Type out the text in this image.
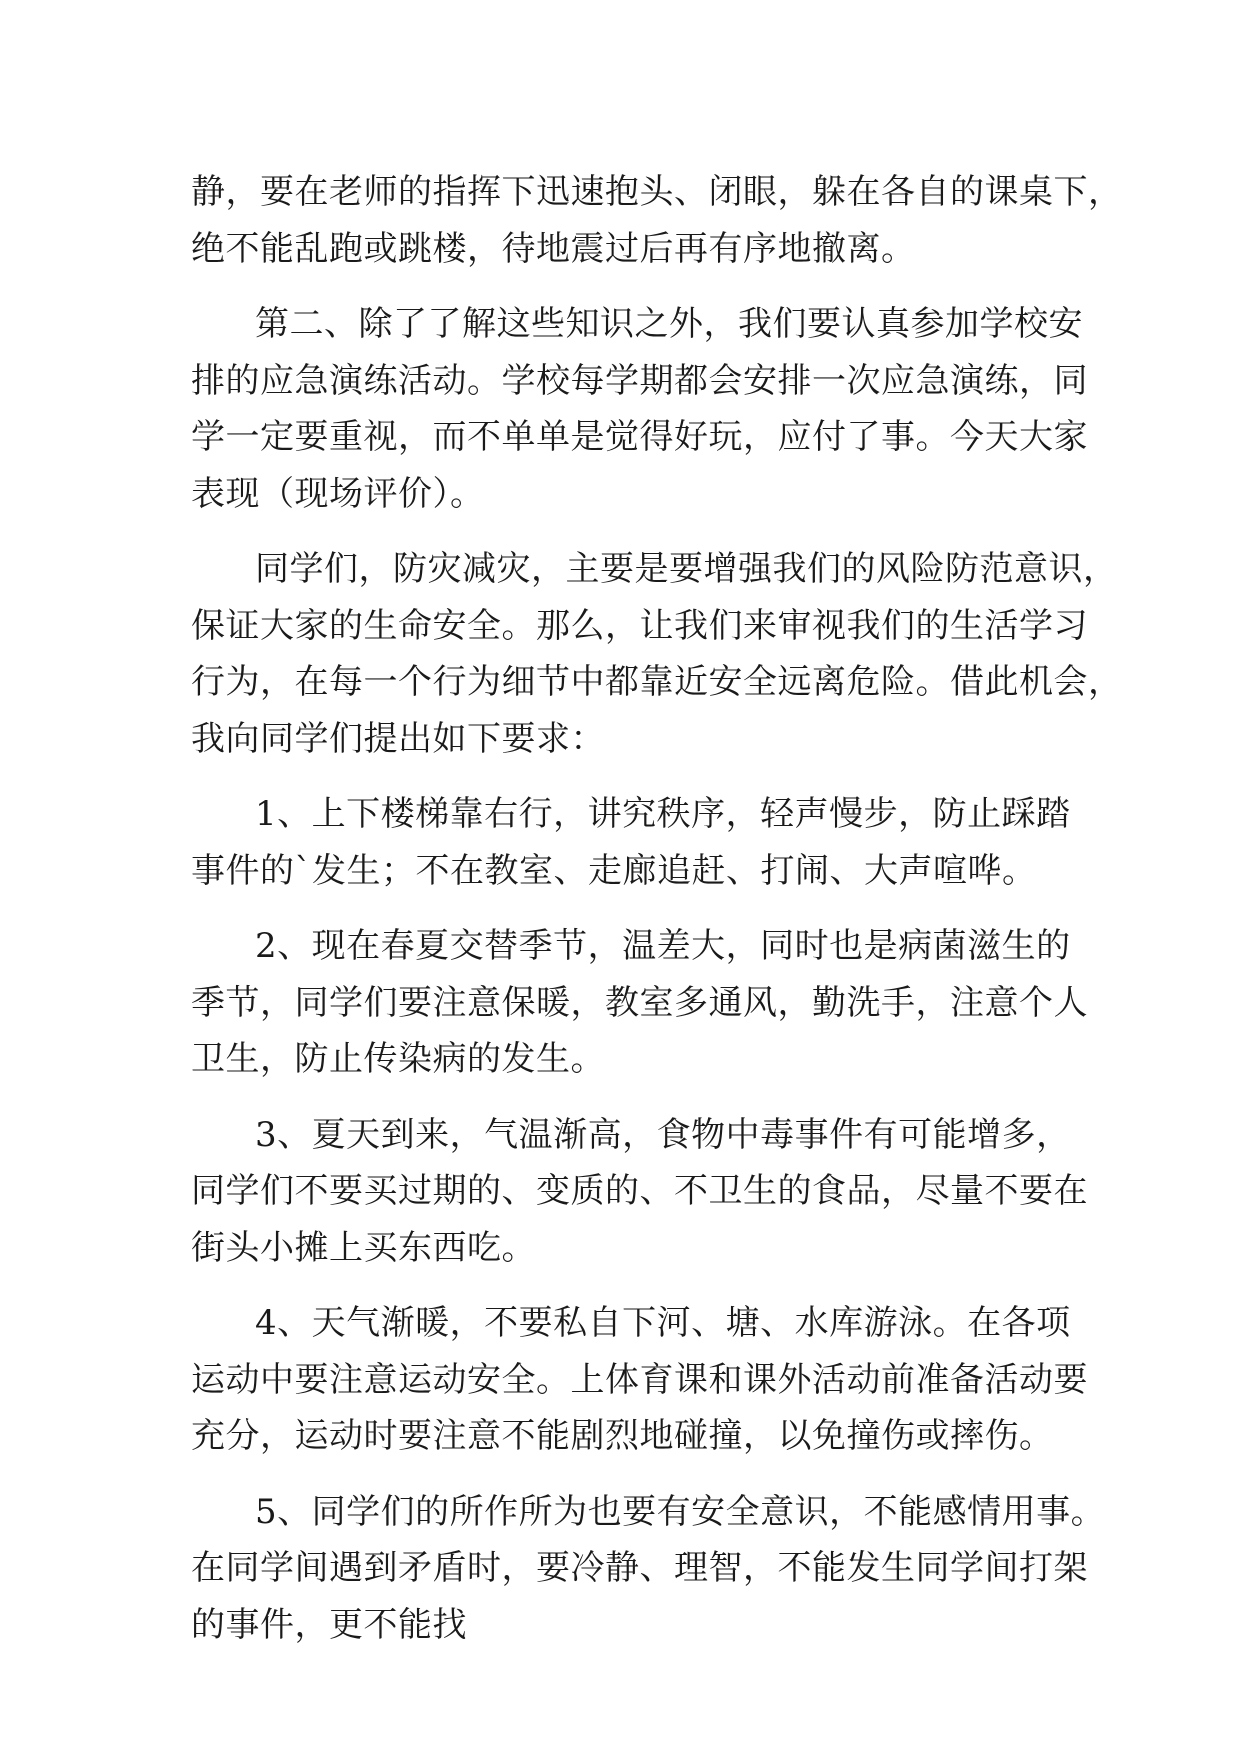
静，要在老师的指挥下迅速抱头、闭眼，躲在各自的课桌下，
绝不能乱跑或跳楼，待地震过后再有序地撤离。
第二、除了了解这些知识之外，我们要认真参加学校安
排的应急演练活动。学校每学期都会安排一次应急演练，同
学一定要重视，而不单单是觉得好玩，应付了事。今天大家
表现（现场评价）。
同学们，防灾减灾，主要是要增强我们的风险防范意识，
保证大家的生命安全。那么，让我们来审视我们的生活学习
行为，在每一个行为细节中都靠近安全远离危险。借此机会，
我向同学们提出如下要求：
1、上下楼梯靠右行，讲究秩序，轻声慢步，防止踩踏
事件的`发生；不在教室、走廊追赶、打闹、大声喧哗。
2、现在春夏交替季节，温差大，同时也是病菌滋生的
季节，同学们要注意保暖，教室多通风，勤洗手，注意个人
卫生，防止传染病的发生。
3、夏天到来，气温渐高，食物中毒事件有可能增多，
同学们不要买过期的、变质的、不卫生的食品，尽量不要在
街头小摊上买东西吃。
4、天气渐暖，不要私自下河、塘、水库游泳。在各项
运动中要注意运动安全。上体育课和课外活动前准备活动要
充分，运动时要注意不能剧烈地碰撞，以免撞伤或摔伤。
5、同学们的所作所为也要有安全意识，不能感情用事。
在同学间遇到矛盾时，要冷静、理智，不能发生同学间打架
的事件，更不能找
